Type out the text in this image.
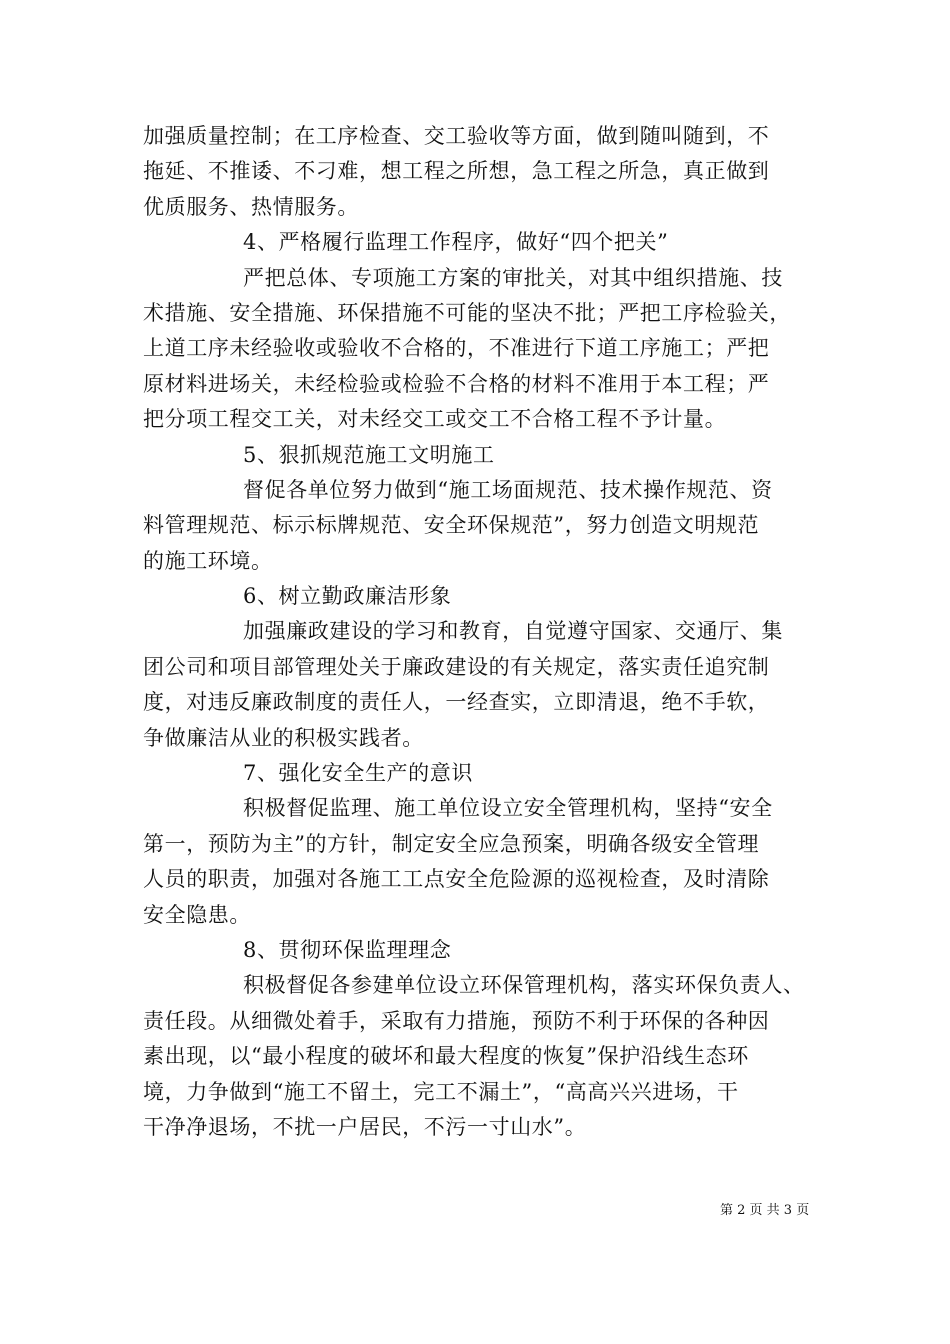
加强质量控制；在工序检查、交工验收等方面，做到随叫随到，不
拖延、不推诿、不刁难，想工程之所想，急工程之所急，真正做到
优质服务、热情服务。
4、严格履行监理工作程序，做好“四个把关”
严把总体、专项施工方案的审批关，对其中组织措施、技
术措施、安全措施、环保措施不可能的坚决不批；严把工序检验关，
上道工序未经验收或验收不合格的，不准进行下道工序施工；严把
原材料进场关，未经检验或检验不合格的材料不准用于本工程；严
把分项工程交工关，对未经交工或交工不合格工程不予计量。
5、狠抓规范施工文明施工
督促各单位努力做到“施工场面规范、技术操作规范、资
料管理规范、标示标牌规范、安全环保规范”，努力创造文明规范
的施工环境。
6、树立勤政廉洁形象
加强廉政建设的学习和教育，自觉遵守国家、交通厅、集
团公司和项目部管理处关于廉政建设的有关规定，落实责任追究制
度，对违反廉政制度的责任人，一经查实，立即清退，绝不手软，
争做廉洁从业的积极实践者。
7、强化安全生产的意识
积极督促监理、施工单位设立安全管理机构，坚持“安全
第一，预防为主”的方针，制定安全应急预案，明确各级安全管理
人员的职责，加强对各施工工点安全危险源的巡视检查，及时清除
安全隐患。
8、贯彻环保监理理念
积极督促各参建单位设立环保管理机构，落实环保负责人、
责任段。从细微处着手，采取有力措施，预防不利于环保的各种因
素出现，以“最小程度的破坏和最大程度的恢复”保护沿线生态环
境，力争做到“施工不留土，完工不漏土”，“高高兴兴进场，干
干净净退场，不扰一户居民，不污一寸山水”。
第 2 页 共 3 页
